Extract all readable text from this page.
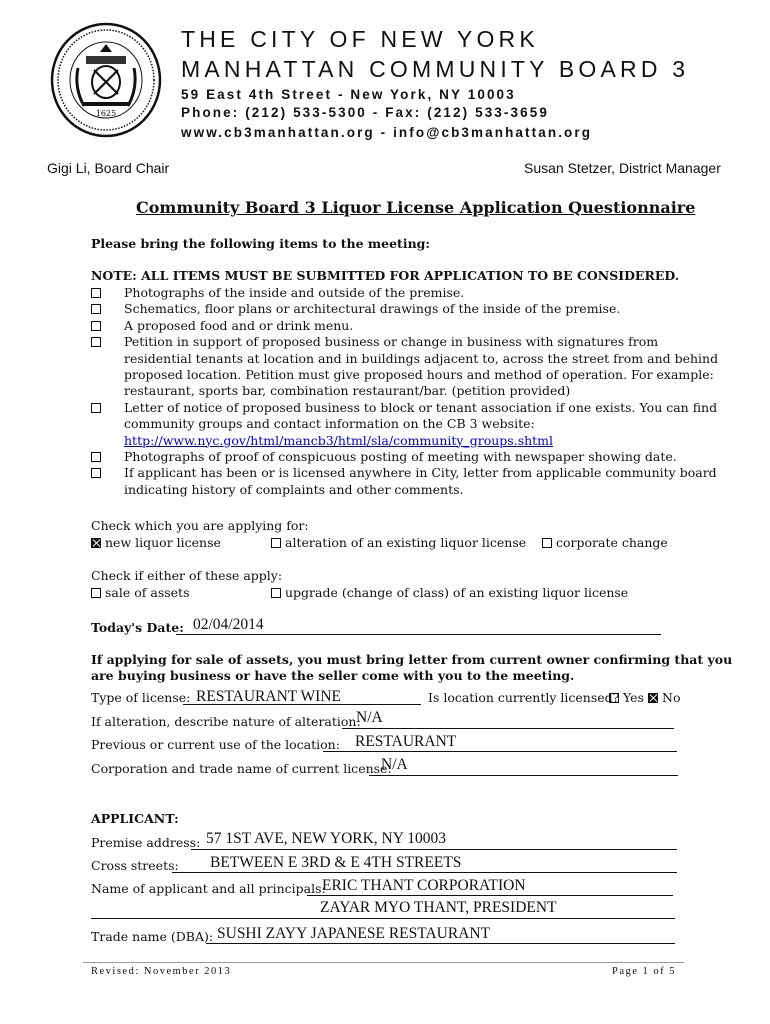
1625
THE CITY OF NEW YORK
MANHATTAN COMMUNITY BOARD 3
59 East 4th Street - New York, NY 10003
Phone: (212) 533-5300 - Fax: (212) 533-3659
www.cb3manhattan.org - info@cb3manhattan.org
Gigi Li, Board Chair	Susan Stetzer, District Manager
Community Board 3 Liquor License Application Questionnaire
Please bring the following items to the meeting:
NOTE: ALL ITEMS MUST BE SUBMITTED FOR APPLICATION TO BE CONSIDERED.
Photographs of the inside and outside of the premise.
Schematics, floor plans or architectural drawings of the inside of the premise.
A proposed food and or drink menu.
Petition in support of proposed business or change in business with signatures from
residential tenants at location and in buildings adjacent to, across the street from and behind
proposed location. Petition must give proposed hours and method of operation. For example:
restaurant, sports bar, combination restaurant/bar. (petition provided)
Letter of notice of proposed business to block or tenant association if one exists. You can find
community groups and contact information on the CB 3 website:
http://www.nyc.gov/html/mancb3/html/sla/community_groups.shtml
Photographs of proof of conspicuous posting of meeting with newspaper showing date.
If applicant has been or is licensed anywhere in City, letter from applicable community board
indicating history of complaints and other comments.
Check which you are applying for:
new liquor license	alteration of an existing liquor license	corporate change
Check if either of these apply:
sale of assets	upgrade (change of class) of an existing liquor license
Today's Date: 02/04/2014
If applying for sale of assets, you must bring letter from current owner confirming that you
are buying business or have the seller come with you to the meeting.
Type of license: RESTAURANT WINE	Is location currently licensed? Yes	No
If alteration, describe nature of alteration:
N/A
Previous or current use of the location: RESTAURANT
Corporation and trade name of current license:
N/A
APPLICANT:
Premise address: 57 1ST AVE, NEW YORK, NY 10003
Cross streets: BETWEEN E 3RD & E 4TH STREETS
Name of applicant and all principals:
ERIC THANT CORPORATION
ZAYAR MYO THANT, PRESIDENT
Trade name (DBA): SUSHI ZAYY JAPANESE RESTAURANT
Revised: November 2013	Page 1 of 5
